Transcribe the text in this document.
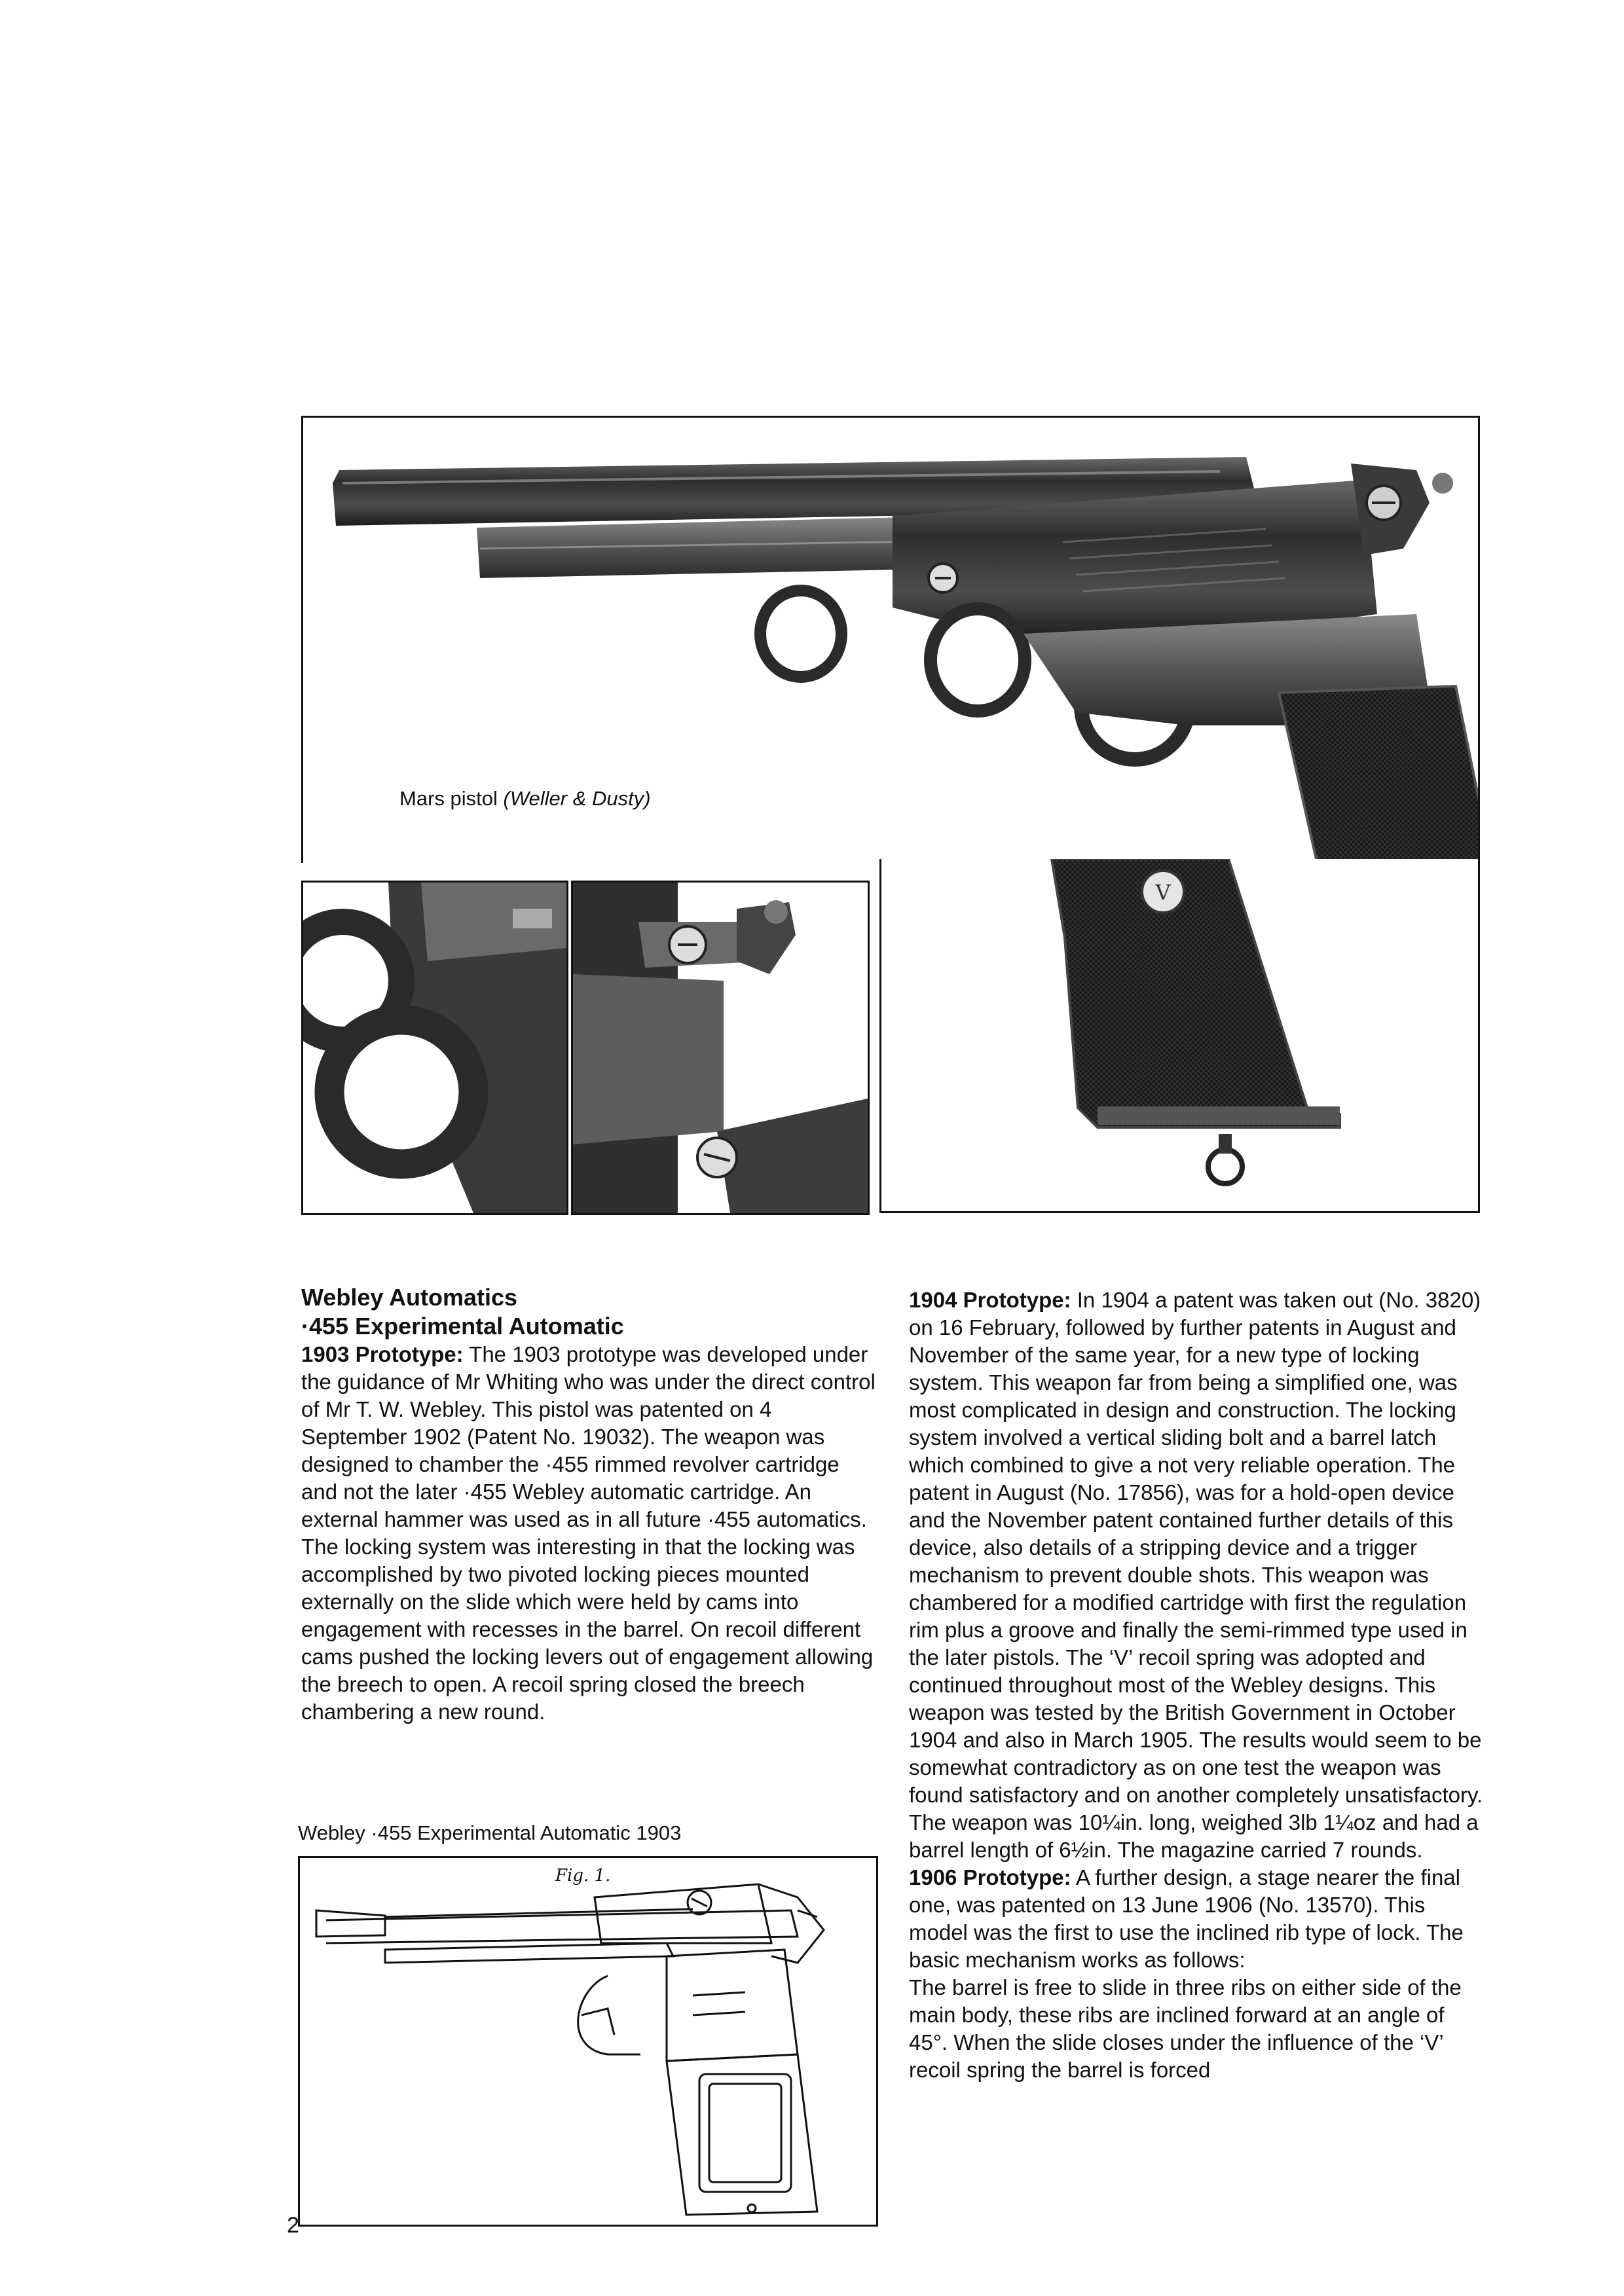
Mars pistol (Weller & Dusty)
V
Webley Automatics
·455 Experimental Automatic

1903 Prototype: The 1903 prototype was developed under the guidance of Mr Whiting who was under the direct control of Mr T. W. Webley. This pistol was patented on 4 September 1902 (Patent No. 19032). The weapon was designed to chamber the ·455 rimmed revolver cartridge and not the later ·455 Webley automatic cartridge. An external hammer was used as in all future ·455 automatics. The locking system was interesting in that the locking was accomplished by two pivoted locking pieces mounted externally on the slide which were held by cams into engagement with recesses in the barrel. On recoil different cams pushed the locking levers out of engagement allowing the breech to open. A recoil spring closed the breech chambering a new round.

Webley ·455 Experimental Automatic 1903
Fig. 1.

1904 Prototype: In 1904 a patent was taken out (No. 3820) on 16 February, followed by further patents in August and November of the same year, for a new type of locking system. This weapon far from being a simplified one, was most complicated in design and construction. The locking system involved a vertical sliding bolt and a barrel latch which combined to give a not very reliable operation. The patent in August (No. 17856), was for a hold-open device and the November patent contained further details of this device, also details of a stripping device and a trigger mechanism to prevent double shots. This weapon was chambered for a modified cartridge with first the regulation rim plus a groove and finally the semi-rimmed type used in the later pistols. The ‘V’ recoil spring was adopted and continued throughout most of the Webley designs. This weapon was tested by the British Government in October 1904 and also in March 1905. The results would seem to be somewhat contradictory as on one test the weapon was found satisfactory and on another completely unsatisfactory. The weapon was 10¼in. long, weighed 3lb 1¼oz and had a barrel length of 6½in. The magazine carried 7 rounds.

1906 Prototype: A further design, a stage nearer the final one, was patented on 13 June 1906 (No. 13570). This model was the first to use the inclined rib type of lock. The basic mechanism works as follows:

The barrel is free to slide in three ribs on either side of the main body, these ribs are inclined forward at an angle of 45°. When the slide closes under the influence of the ‘V’ recoil spring the barrel is forced

2
